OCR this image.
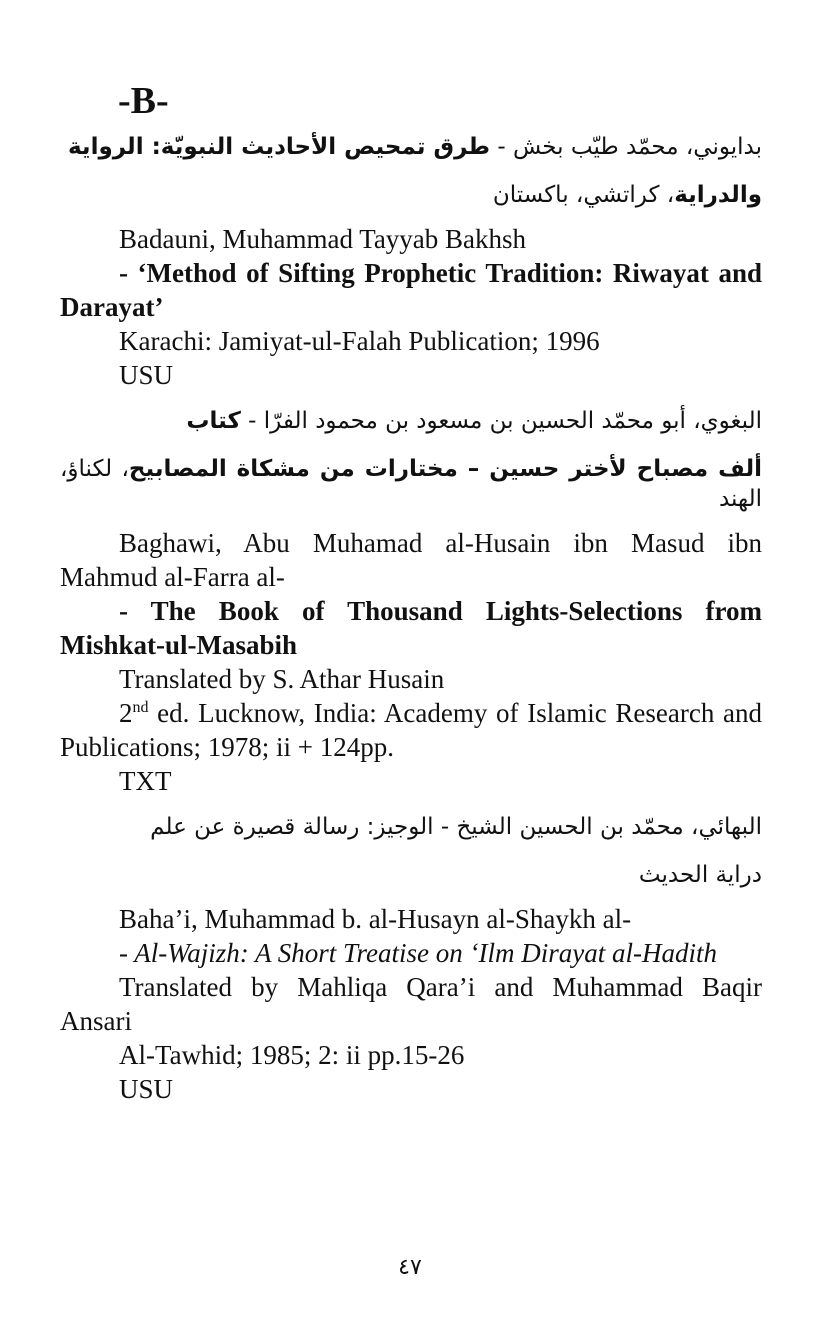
-B-

بدايوني، محمّد طيّب بخش - طرق تمحيص الأحاديث النبويّة: الرواية

والدراية، كراتشي، باكستان

Badauni, Muhammad Tayyab Bakhsh

- ‘Method of Sifting Prophetic Tradition: Riwayat and Darayat’

Karachi: Jamiyat-ul-Falah Publication; 1996

USU

البغوي، أبو محمّد الحسين بن مسعود بن محمود الفرّا - كتاب

ألف مصباح لأختر حسين – مختارات من مشكاة المصابيح، لكناؤ، الهند

Baghawi, Abu Muhamad al-Husain ibn Masud ibn Mahmud al-Farra al-

- The Book of Thousand Lights-Selections from Mishkat-ul-Masabih

Translated by S. Athar Husain

2nd ed. Lucknow, India: Academy of Islamic Research and Publications; 1978; ii + 124pp.

TXT

البهائي، محمّد بن الحسين الشيخ - الوجيز: رسالة قصيرة عن علم

دراية الحديث

Baha’i, Muhammad b. al-Husayn al-Shaykh al-

- Al-Wajizh: A Short Treatise on ‘Ilm Dirayat al-Hadith

Translated by Mahliqa Qara’i and Muhammad Baqir Ansari

Al-Tawhid; 1985; 2: ii pp.15-26

USU

٤٧
